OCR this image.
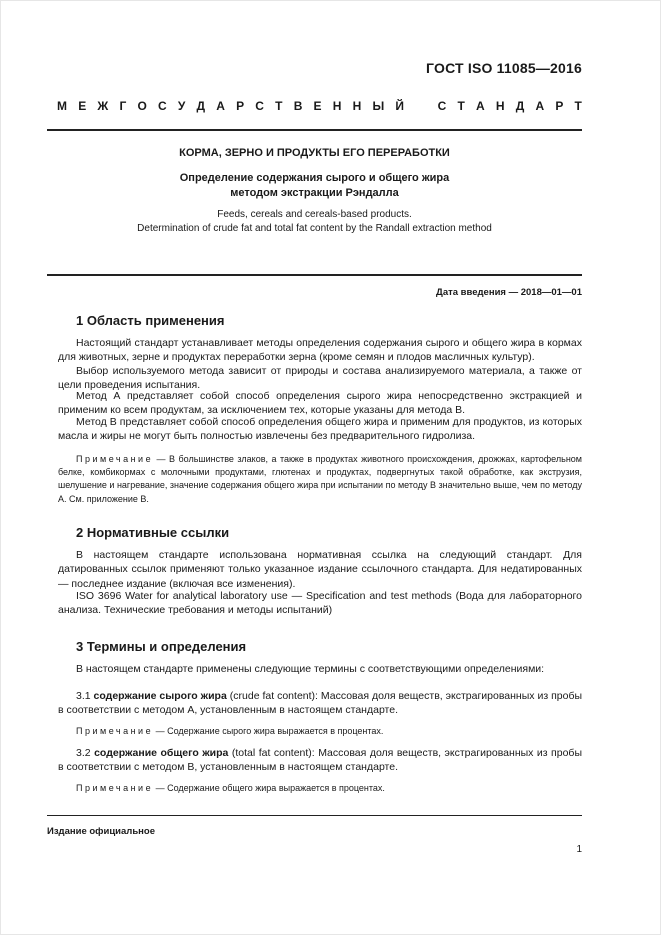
ГОСТ ISO 11085—2016
М Е Ж Г О С У Д А Р С Т В Е Н Н Ы Й	С Т А Н Д А Р Т
КОРМА, ЗЕРНО И ПРОДУКТЫ ЕГО ПЕРЕРАБОТКИ
Определение содержания сырого и общего жира
методом экстракции Рэндалла
Feeds, cereals and cereals-based products.
Determination of crude fat and total fat content by the Randall extraction method
Дата введения — 2018—01—01
1 Область применения

Настоящий стандарт устанавливает методы определения содержания сырого и общего жира в кормах для животных, зерне и продуктах переработки зерна (кроме семян и плодов масличных культур).

Выбор используемого метода зависит от природы и состава анализируемого материала, а также от цели проведения испытания.

Метод А представляет собой способ определения сырого жира непосредственно экстракцией и применим ко всем продуктам, за исключением тех, которые указаны для метода В.

Метод В представляет собой способ определения общего жира и применим для продуктов, из которых масла и жиры не могут быть полностью извлечены без предварительного гидролиза.

Примечание — В большинстве злаков, а также в продуктах животного происхождения, дрожжах, картофельном белке, комбикормах с молочными продуктами, глютенах и продуктах, подвергнутых такой обработке, как экструзия, шелушение и нагревание, значение содержания общего жира при испытании по методу В значительно выше, чем по методу А. См. приложение В.

2 Нормативные ссылки

В настоящем стандарте использована нормативная ссылка на следующий стандарт. Для датированных ссылок применяют только указанное издание ссылочного стандарта. Для недатированных — последнее издание (включая все изменения).

ISO 3696 Water for analytical laboratory use — Specification and test methods (Вода для лабораторного анализа. Технические требования и методы испытаний)

3 Термины и определения

В настоящем стандарте применены следующие термины с соответствующими определениями:

3.1 содержание сырого жира (crude fat content): Массовая доля веществ, экстрагированных из пробы в соответствии с методом А, установленным в настоящем стандарте.

Примечание — Содержание сырого жира выражается в процентах.

3.2 содержание общего жира (total fat content): Массовая доля веществ, экстрагированных из пробы в соответствии с методом В, установленным в настоящем стандарте.

Примечание — Содержание общего жира выражается в процентах.

Издание официальное
1
